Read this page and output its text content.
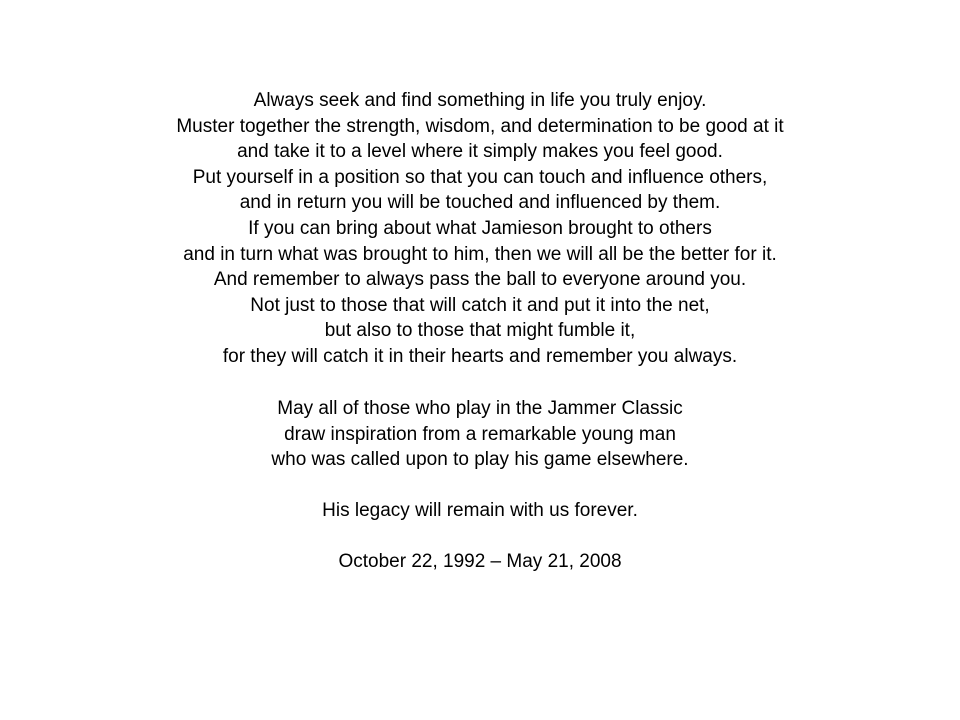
Always seek and find something in life you truly enjoy.
Muster together the strength, wisdom, and determination to be good at it
and take it to a level where it simply makes you feel good.
Put yourself in a position so that you can touch and influence others,
and in return you will be touched and influenced by them.
If you can bring about what Jamieson brought to others
and in turn what was brought to him, then we will all be the better for it.
And remember to always pass the ball to everyone around you.
Not just to those that will catch it and put it into the net,
but also to those that might fumble it,
for they will catch it in their hearts and remember you always.
May all of those who play in the Jammer Classic
draw inspiration from a remarkable young man
who was called upon to play his game elsewhere.
His legacy will remain with us forever.
October 22, 1992 – May 21, 2008
